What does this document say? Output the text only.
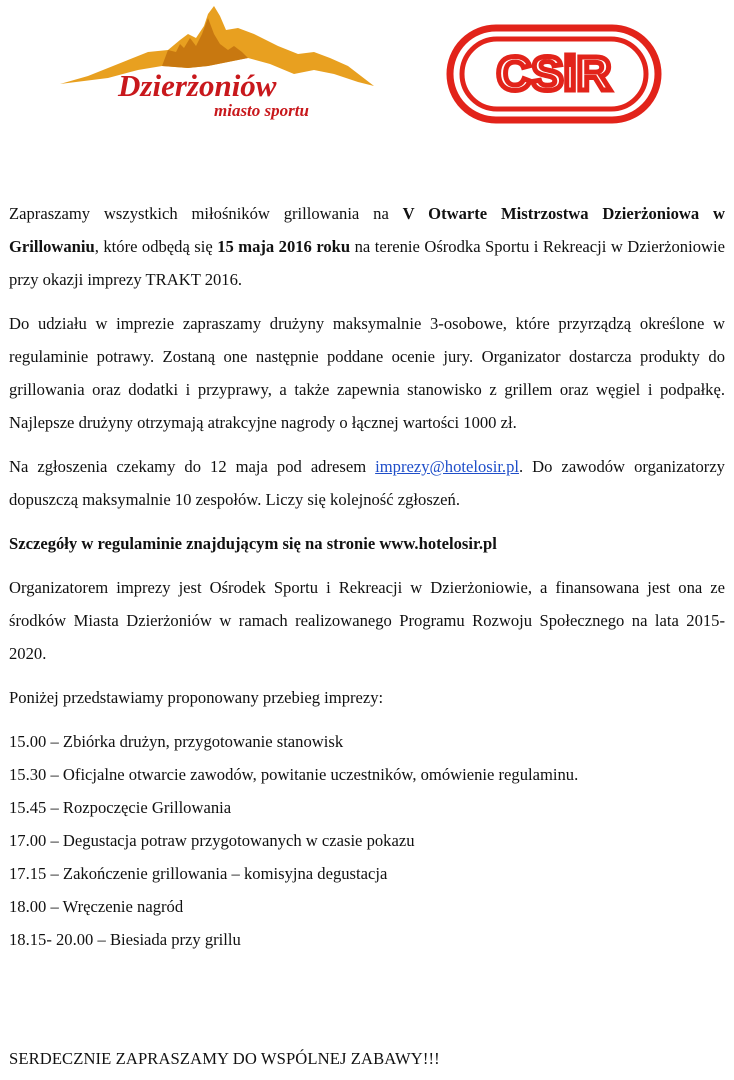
Dzierżoniów
miasto sportu
CSiR

Zapraszamy wszystkich miłośników grillowania na V Otwarte Mistrzostwa Dzierżoniowa w Grillowaniu, które odbędą się 15 maja 2016 roku na terenie Ośrodka Sportu i Rekreacji w Dzierżoniowie przy okazji imprezy TRAKT 2016.

Do udziału w imprezie zapraszamy drużyny maksymalnie 3-osobowe, które przyrządzą określone w regulaminie potrawy. Zostaną one następnie poddane ocenie jury. Organizator dostarcza produkty do grillowania oraz dodatki i przyprawy, a także zapewnia stanowisko z grillem oraz węgiel i podpałkę. Najlepsze drużyny otrzymają atrakcyjne nagrody o łącznej wartości 1000 zł.

Na zgłoszenia czekamy do 12 maja pod adresem imprezy@hotelosir.pl. Do zawodów organizatorzy dopuszczą maksymalnie 10 zespołów. Liczy się kolejność zgłoszeń.

Szczegóły w regulaminie znajdującym się na stronie www.hotelosir.pl

Organizatorem imprezy jest Ośrodek Sportu i Rekreacji w Dzierżoniowie, a finansowana jest ona ze środków Miasta Dzierżoniów w ramach realizowanego Programu Rozwoju Społecznego na lata 2015-2020.

Poniżej przedstawiamy proponowany przebieg imprezy:

15.00 – Zbiórka drużyn, przygotowanie stanowisk

15.30 – Oficjalne otwarcie zawodów, powitanie uczestników, omówienie regulaminu.

15.45 – Rozpoczęcie Grillowania

17.00 – Degustacja potraw przygotowanych w czasie pokazu

17.15 – Zakończenie grillowania – komisyjna degustacja

18.00 – Wręczenie nagród

18.15- 20.00 – Biesiada przy grillu

SERDECZNIE ZAPRASZAMY DO WSPÓLNEJ ZABAWY!!!
